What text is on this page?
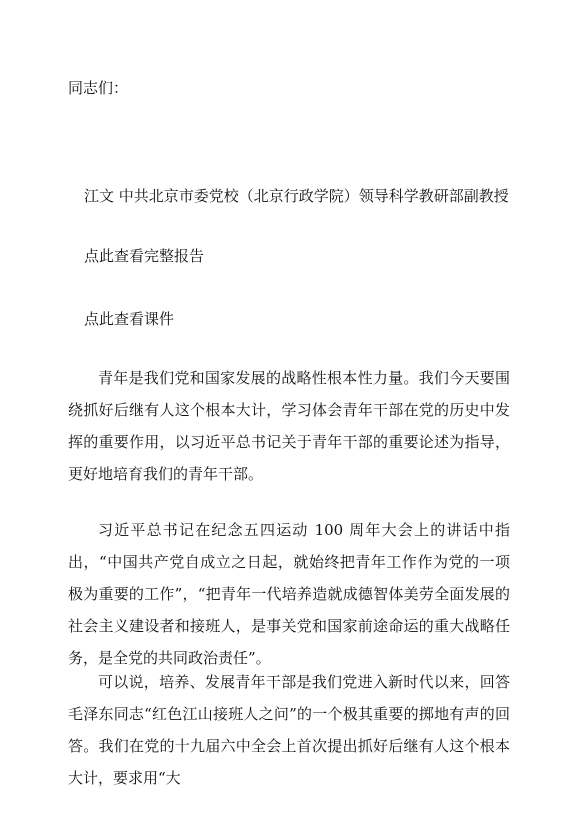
同志们：

江文 中共北京市委党校（北京行政学院）领导科学教研部副教授

点此查看完整报告

点此查看课件

青年是我们党和国家发展的战略性根本性力量。我们今天要围绕抓好后继有人这个根本大计，学习体会青年干部在党的历史中发挥的重要作用，以习近平总书记关于青年干部的重要论述为指导，更好地培育我们的青年干部。

习近平总书记在纪念五四运动 100 周年大会上的讲话中指出，“中国共产党自成立之日起，就始终把青年工作作为党的一项极为重要的工作”，“把青年一代培养造就成德智体美劳全面发展的社会主义建设者和接班人，是事关党和国家前途命运的重大战略任务，是全党的共同政治责任”。

可以说，培养、发展青年干部是我们党进入新时代以来，回答毛泽东同志“红色江山接班人之问”的一个极其重要的掷地有声的回答。我们在党的十九届六中全会上首次提出抓好后继有人这个根本大计，要求用“大
